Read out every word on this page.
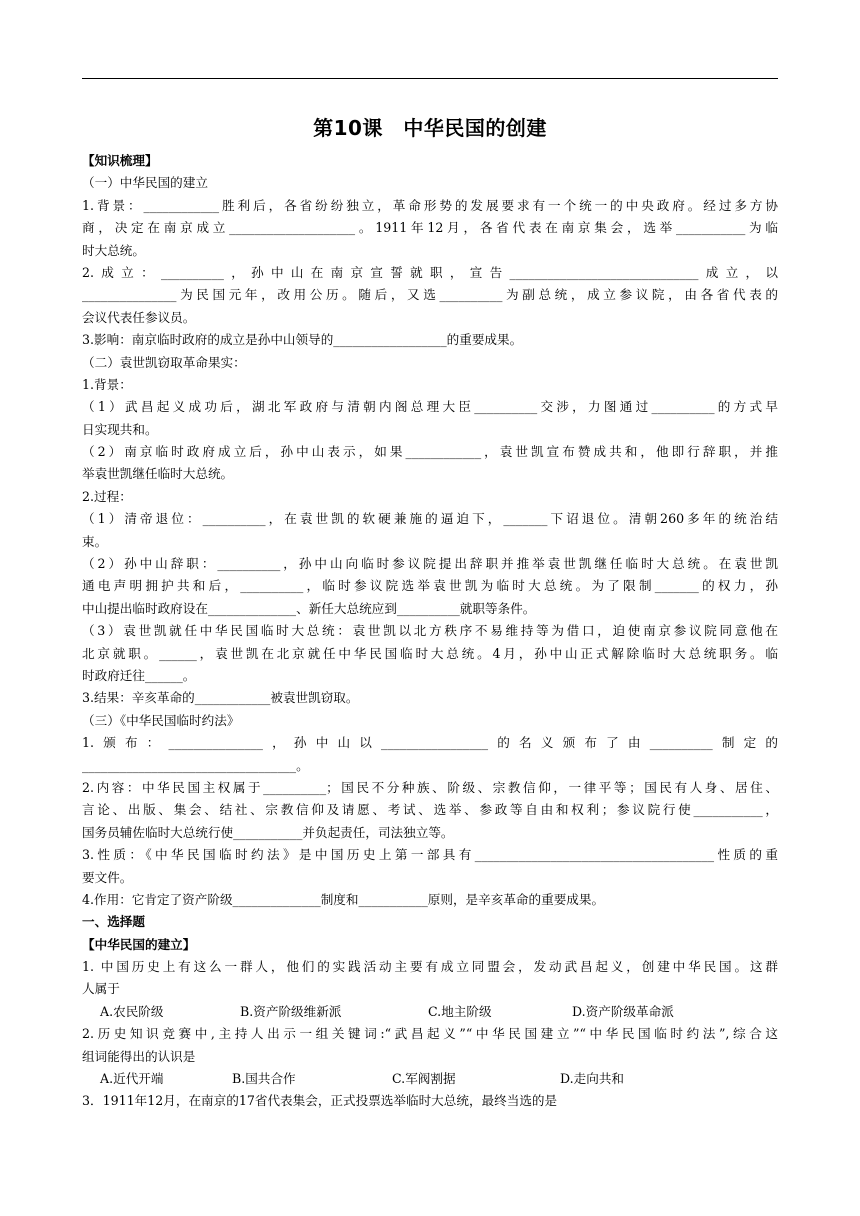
第10课　中华民国的创建
【知识梳理】
（一）中华民国的建立
1.背景：____________胜利后，各省纷纷独立，革命形势的发展要求有一个统一的中央政府。经过多方协
商，决定在南京成立____________________。1911年12月，各省代表在南京集会，选举___________为临
时大总统。
2.成立：__________，孙中山在南京宣誓就职，宣告______________________________成立，以
_______________为民国元年，改用公历。随后，又选__________为副总统，成立参议院，由各省代表的
会议代表任参议员。
3.影响：南京临时政府的成立是孙中山领导的__________________的重要成果。
（二）袁世凯窃取革命果实：
1.背景：
（1）武昌起义成功后，湖北军政府与清朝内阁总理大臣__________交涉，力图通过__________的方式早
日实现共和。
（2）南京临时政府成立后，孙中山表示，如果____________，袁世凯宣布赞成共和，他即行辞职，并推
举袁世凯继任临时大总统。
2.过程：
（1）清帝退位：__________，在袁世凯的软硬兼施的逼迫下，_______下诏退位。清朝260多年的统治结
束。
（2）孙中山辞职：__________，孙中山向临时参议院提出辞职并推举袁世凯继任临时大总统。在袁世凯
通电声明拥护共和后，__________，临时参议院选举袁世凯为临时大总统。为了限制_______的权力，孙
中山提出临时政府设在______________、新任大总统应到__________就职等条件。
（3）袁世凯就任中华民国临时大总统：袁世凯以北方秩序不易维持等为借口，迫使南京参议院同意他在
北京就职。______，袁世凯在北京就任中华民国临时大总统。4月，孙中山正式解除临时大总统职务。临
时政府迁往______。
3.结果：辛亥革命的____________被袁世凯窃取。
（三）《中华民国临时约法》
1.颁布：_______________，孙中山以_________________的名义颁布了由__________制定的
__________________________________。
2.内容：中华民国主权属于__________；国民不分种族、阶级、宗教信仰，一律平等；国民有人身、居住、
言论、出版、集会、结社、宗教信仰及请愿、考试、选举、参政等自由和权利；参议院行使___________，
国务员辅佐临时大总统行使___________并负起责任，司法独立等。
3.性质：《中华民国临时约法》是中国历史上第一部具有______________________________________性质的重
要文件。
4.作用：它肯定了资产阶级______________制度和___________原则，是辛亥革命的重要成果。
一、选择题
【中华民国的建立】
1. 中国历史上有这么一群人，他们的实践活动主要有成立同盟会，发动武昌起义，创建中华民国。这群
人属于
A.农民阶级	B.资产阶级维新派	C.地主阶级	D.资产阶级革命派
2.历史知识竞赛中,主持人出示一组关键词:“武昌起义”“中华民国建立”“中华民国临时约法”,综合这
组词能得出的认识是
A.近代开端	B.国共合作	C.军阀割据	D.走向共和
3．1911年12月，在南京的17省代表集会，正式投票选举临时大总统，最终当选的是
